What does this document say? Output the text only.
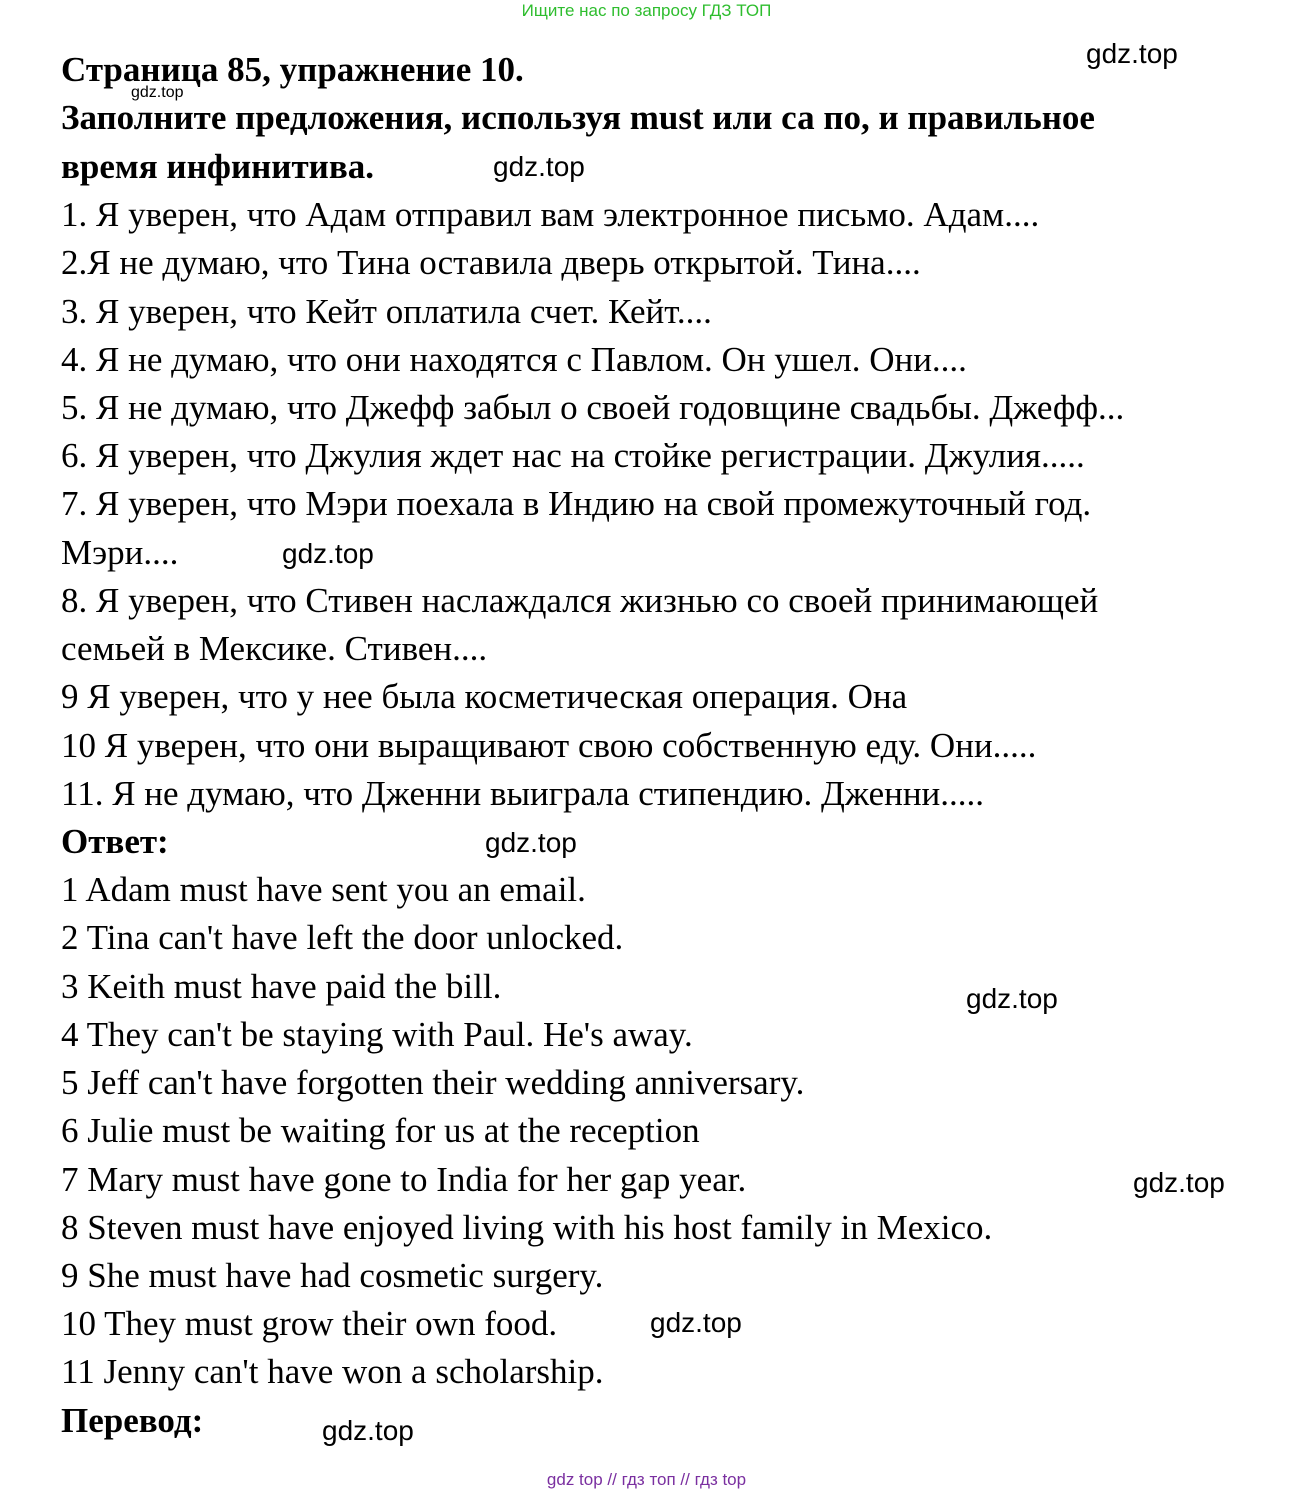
Ищите нас по запросу ГДЗ ТОП
Страница 85, упражнение 10.
gdz.top
Заполните предложения, используя must или са по, и правильное
время инфинитива.
1. Я уверен, что Адам отправил вам электронное письмо. Адам....
2.Я не думаю, что Тина оставила дверь открытой. Тина....
3. Я уверен, что Кейт оплатила счет. Кейт....
4. Я не думаю, что они находятся с Павлом. Он ушел. Они....
5. Я не думаю, что Джефф забыл о своей годовщине свадьбы. Джефф...
6. Я уверен, что Джулия ждет нас на стойке регистрации. Джулия.....
7. Я уверен, что Мэри поехала в Индию на свой промежуточный год.
Мэри....
8. Я уверен, что Стивен наслаждался жизнью со своей принимающей
семьей в Мексике. Стивен....
9 Я уверен, что у нее была косметическая операция. Она
10 Я уверен, что они выращивают свою собственную еду. Они.....
11. Я не думаю, что Дженни выиграла стипендию. Дженни.....
Ответ:
1 Adam must have sent you an email.
2 Tina can't have left the door unlocked.
3 Keith must have paid the bill.
4 They can't be staying with Paul. He's away.
5 Jeff can't have forgotten their wedding anniversary.
6 Julie must be waiting for us at the reception
7 Mary must have gone to India for her gap year.
8 Steven must have enjoyed living with his host family in Mexico.
9 She must have had cosmetic surgery.
10 They must grow their own food.
11 Jenny can't have won a scholarship.
Перевод:
gdz.top
gdz.top
gdz.top
gdz.top
gdz.top
gdz.top
gdz.top
gdz.top
gdz top // гдз топ // гдз top
